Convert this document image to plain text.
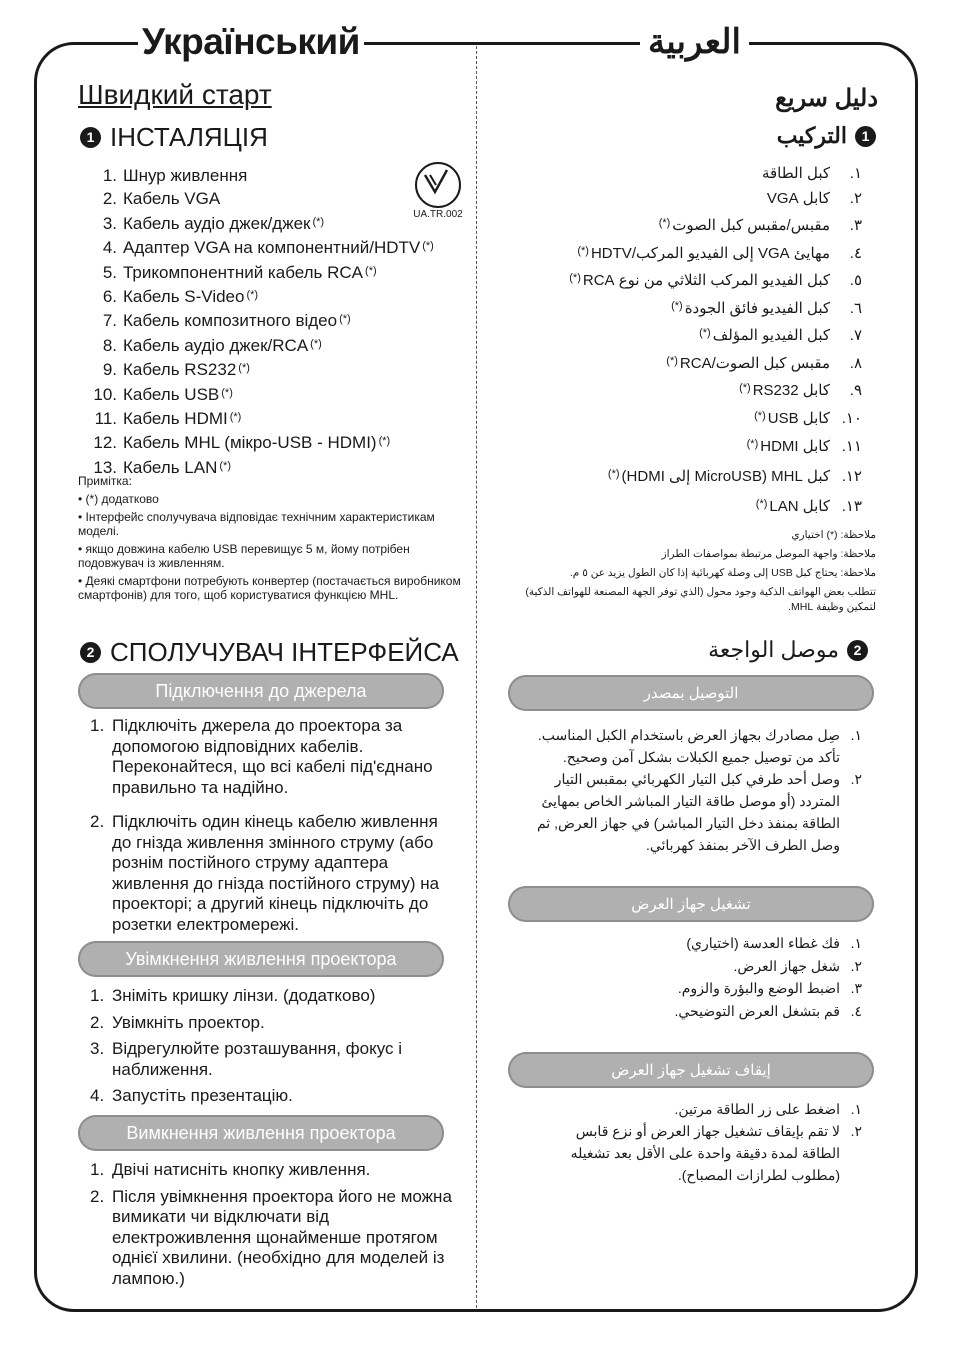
Український	العربية
Швидкий старт
1 ІНСТАЛЯЦІЯ
UA.TR.002
1. Шнур живлення
2. Кабель VGA
3. Кабель аудіо джек/джек (*)
4. Адаптер VGA на компонентний/HDTV (*)
5. Трикомпонентний кабель RCA (*)
6. Кабель S-Video (*)
7. Кабель композитного відео (*)
8. Кабель аудіо джек/RCA (*)
9. Кабель RS232 (*)
10. Кабель USB (*)
11. Кабель HDMI (*)
12. Кабель MHL (мікро-USB - HDMI) (*)
13. Кабель LAN (*)

Примітка:

• (*) додатково

• Інтерфейс сполучувача відповідає технічним характеристикам моделі.

• якщо довжина кабелю USB перевищує 5 м, йому потрібен подовжувач із живленням.

• Деякі смартфони потребують конвертер (постачається виробником смартфонів) для того, щоб користуватися функцією MHL.

2 СПОЛУЧУВАЧ ІНТЕРФЕЙСА
Підключення до джерела
1. Підключіть джерела до проектора за допомогою відповідних кабелів. Переконайтеся, що всі кабелі під'єднано правильно та надійно.
2. Підключіть один кінець кабелю живлення до гнізда живлення змінного струму (або рознім постійного струму адаптера живлення до гнізда постійного струму) на проекторі; а другий кінець підключіть до розетки електромережі.
Увімкнення живлення проектора
1. Зніміть кришку лінзи. (додатково)
2. Увімкніть проектор.
3. Відрегулюйте розташування, фокус і наближення.
4. Запустіть презентацію.
Вимкнення живлення проектора
1. Двічі натисніть кнопку живлення.
2. Після увімкнення проектора його не можна вимикати чи відключати від електроживлення щонайменше протягом однієї хвилини. (необхідно для моделей із лампою.)
دليل سريع
1
التركيب
١.كبل الطاقة
٢.كابل VGA
٣.مقبس/مقبس كبل الصوت(*)
٤.مهايئ VGA إلى الفيديو المركب/HDTV(*)
٥.كبل الفيديو المركب الثلاثي من نوع RCA(*)
٦.كبل الفيديو فائق الجودة(*)
٧.كبل الفيديو المؤلف(*)
٨.مقبس كبل الصوت/RCA(*)
٩.كابل RS232(*)
١٠.كابل USB(*)
١١.كابل HDMI(*)
١٢.كبل MHL (MicroUSB إلى HDMI)(*)
١٣.كابل LAN(*)

ملاحظة: (*) اختياري

ملاحظة: واجهة الموصل مرتبطة بمواصفات الطراز

ملاحظة: يحتاج كبل USB إلى وصلة كهربائية إذا كان الطول يزيد عن ٥ م.

تتطلب بعض الهواتف الذكية وجود محول (الذي توفر الجهة المصنعة للهواتف الذكية) لتمكين وظيفة MHL.

2
موصل الواجعة
التوصيل بمصدر
١.
صِل مصادرك بجهاز العرض باستخدام الكبل المناسب. تأكد من توصيل جميع الكبلات بشكل آمن وصحيح.
٢.
وصل أحد طرفي كبل التيار الكهربائي بمقبس التيار المتردد (أو موصل طاقة التيار المباشر الخاص بمهايئ الطاقة بمنفذ دخل التيار المباشر) في جهاز العرض, ثم وصل الطرف الآخر بمنفذ كهربائي.
تشغيل جهاز العرض
١.
فك غطاء العدسة (اختياري)
٢.
شغل جهاز العرض.
٣.
اضبط الوضع والبؤرة والزوم.
٤.
قم بتشغل العرض التوضيحي.
إيقاف تشغيل جهاز العرض
١.
اضغط على زر الطاقة مرتين.
٢.
لا تقم بإيقاف تشغيل جهاز العرض أو نزع قابس الطاقة لمدة دقيقة واحدة على الأقل بعد تشغيله (مطلوب لطرازات المصباح).
